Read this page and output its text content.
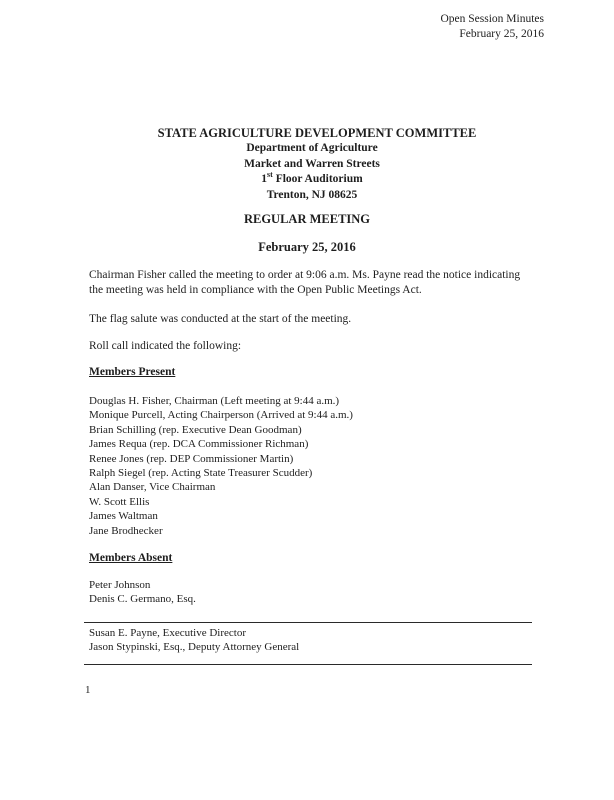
Open Session Minutes
February 25, 2016
STATE AGRICULTURE DEVELOPMENT COMMITTEE
Department of Agriculture
Market and Warren Streets
1st Floor Auditorium
Trenton, NJ 08625
REGULAR MEETING
February 25, 2016
Chairman Fisher called the meeting to order at 9:06 a.m. Ms. Payne read the notice indicating the meeting was held in compliance with the Open Public Meetings Act.
The flag salute was conducted at the start of the meeting.
Roll call indicated the following:
Members Present
Douglas H. Fisher, Chairman (Left meeting at 9:44 a.m.)
Monique Purcell, Acting Chairperson (Arrived at 9:44 a.m.)
Brian Schilling (rep. Executive Dean Goodman)
James Requa (rep. DCA Commissioner Richman)
Renee Jones (rep. DEP Commissioner Martin)
Ralph Siegel (rep. Acting State Treasurer Scudder)
Alan Danser, Vice Chairman
W. Scott Ellis
James Waltman
Jane Brodhecker
Members Absent
Peter Johnson
Denis C. Germano, Esq.
Susan E. Payne, Executive Director
Jason Stypinski, Esq., Deputy Attorney General
1
